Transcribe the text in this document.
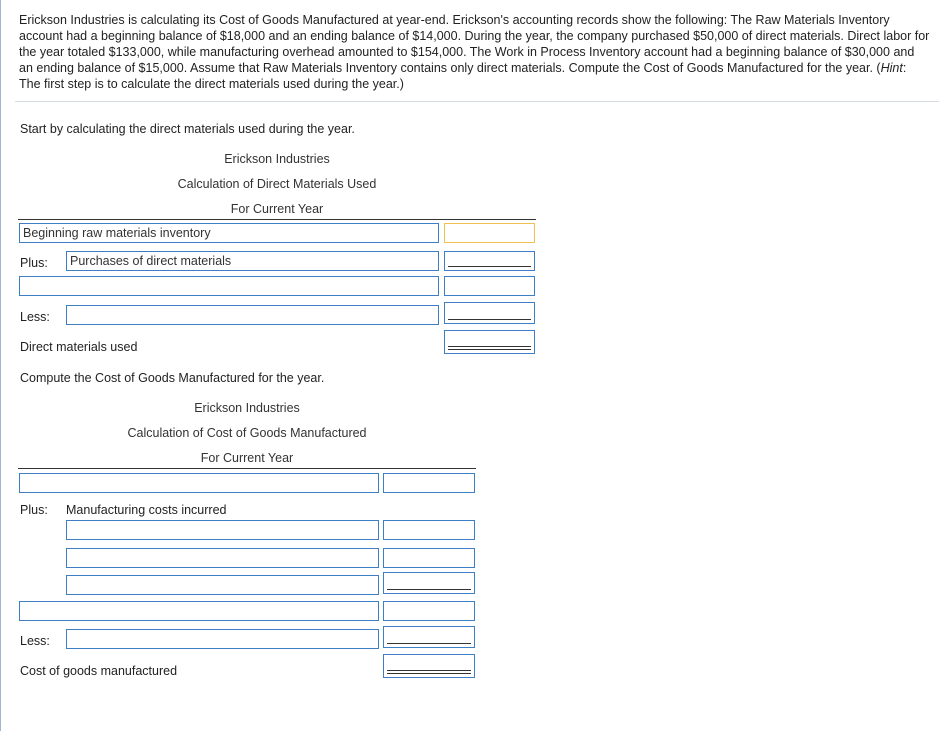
Erickson Industries is calculating its Cost of Goods Manufactured at year-end. Erickson's accounting records show the following: The Raw Materials Inventory account had a beginning balance of $18,000 and an ending balance of $14,000. During the year, the company purchased $50,000 of direct materials. Direct labor for the year totaled $133,000, while manufacturing overhead amounted to $154,000. The Work in Process Inventory account had a beginning balance of $30,000 and an ending balance of $15,000. Assume that Raw Materials Inventory contains only direct materials. Compute the Cost of Goods Manufactured for the year. (Hint: The first step is to calculate the direct materials used during the year.)
Start by calculating the direct materials used during the year.
Erickson Industries
Calculation of Direct Materials Used
For Current Year
Beginning raw materials inventory
Plus:	Purchases of direct materials
Less:
Direct materials used
Compute the Cost of Goods Manufactured for the year.
Erickson Industries
Calculation of Cost of Goods Manufactured
For Current Year
Plus: Manufacturing costs incurred
Less:
Cost of goods manufactured
